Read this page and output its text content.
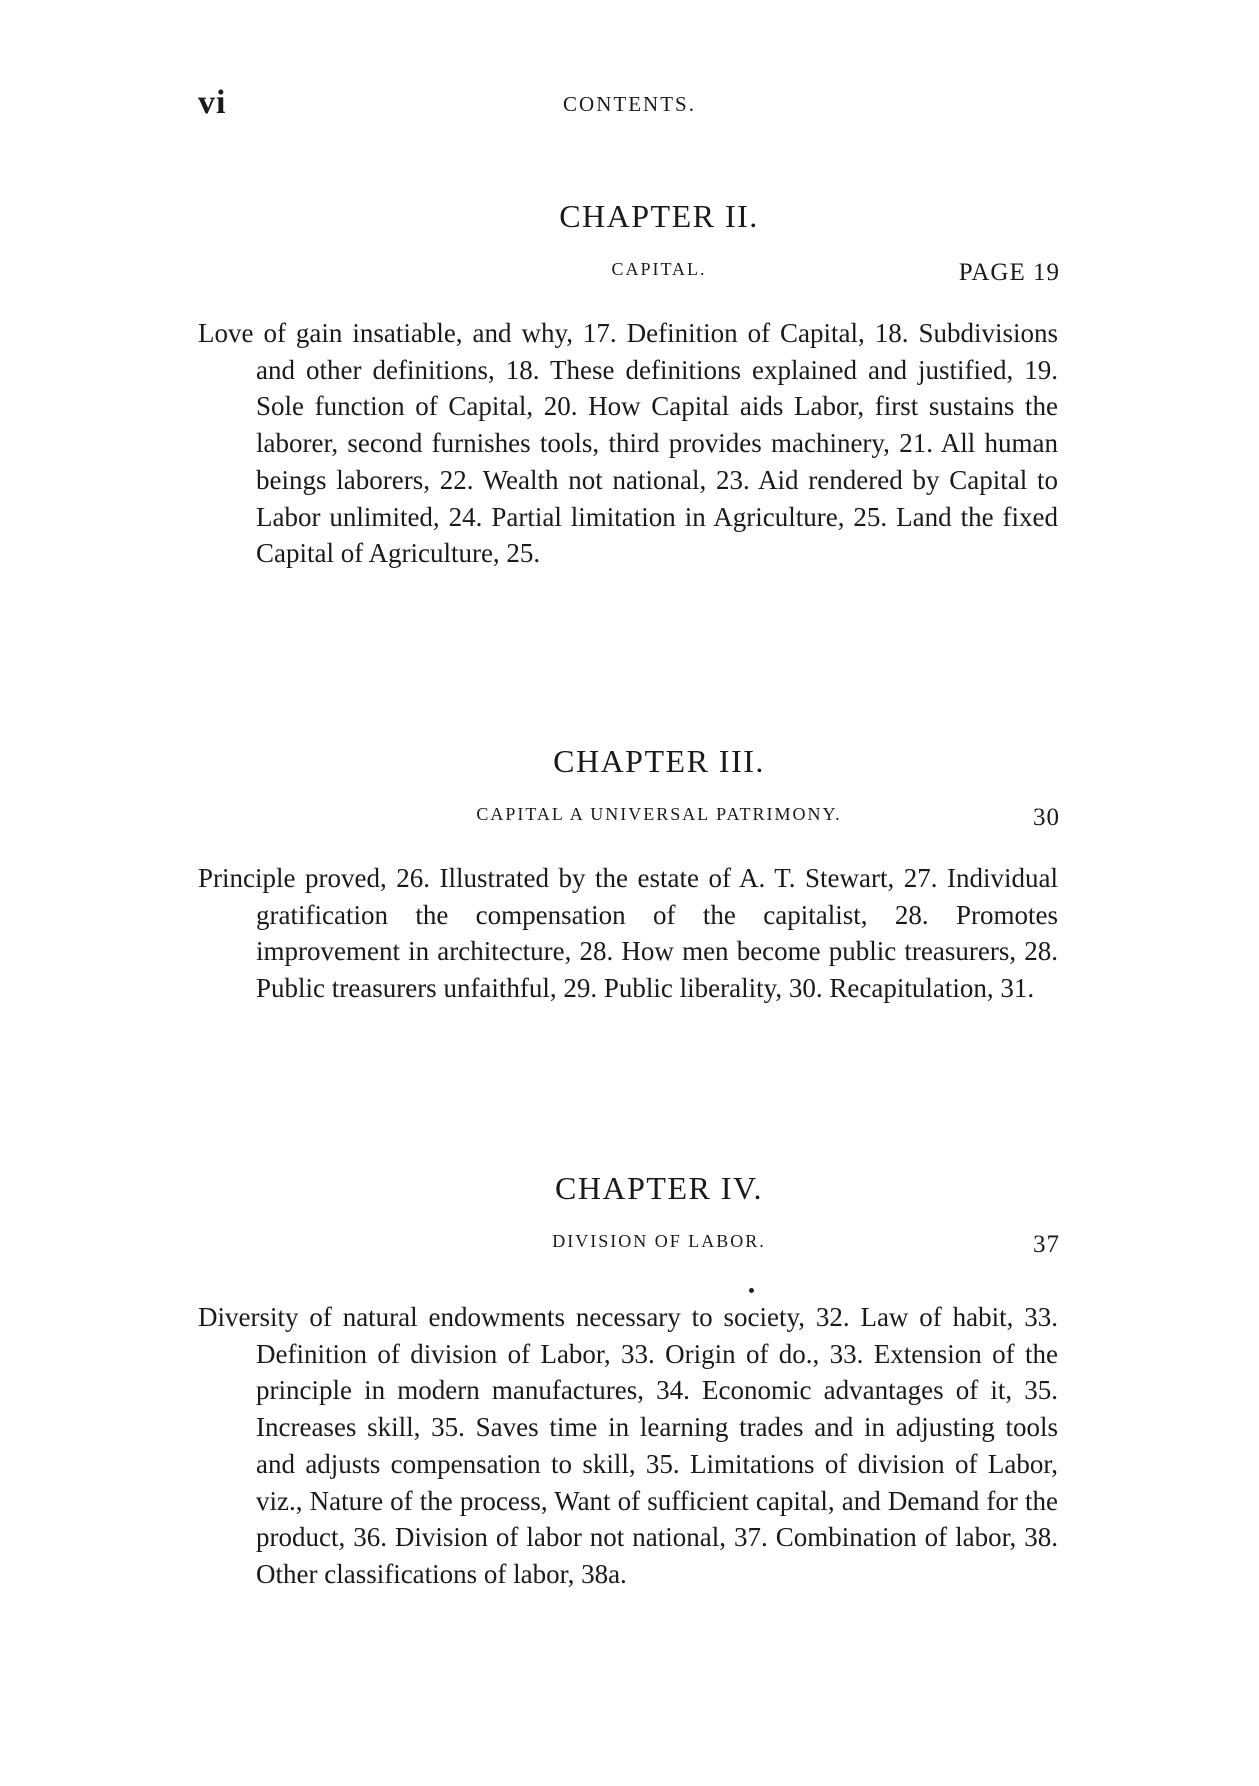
vi	CONTENTS.
CHAPTER II.
CAPITAL.	PAGE 19

Love of gain insatiable, and why, 17. Definition of Capital, 18. Subdivisions and other definitions, 18. These definitions explained and justified, 19. Sole function of Capital, 20. How Capital aids Labor, first sustains the laborer, second furnishes tools, third provides machinery, 21. All human beings laborers, 22. Wealth not national, 23. Aid rendered by Capital to Labor unlimited, 24. Partial limitation in Agriculture, 25. Land the fixed Capital of Agriculture, 25.

CHAPTER III.
CAPITAL A UNIVERSAL PATRIMONY.	30

Principle proved, 26. Illustrated by the estate of A. T. Stewart, 27. Individual gratification the compensation of the capitalist, 28. Promotes improvement in architecture, 28. How men become public treasurers, 28. Public treasurers unfaithful, 29. Public liberality, 30. Recapitulation, 31.

CHAPTER IV.
DIVISION OF LABOR.	37

Diversity of natural endowments necessary to society, 32. Law of habit, 33. Definition of division of Labor, 33. Origin of do., 33. Extension of the principle in modern manufactures, 34. Economic advantages of it, 35. Increases skill, 35. Saves time in learning trades and in adjusting tools and adjusts compensation to skill, 35. Limitations of division of Labor, viz., Nature of the process, Want of sufficient capital, and Demand for the product, 36. Division of labor not national, 37. Combination of labor, 38. Other classifications of labor, 38a.
